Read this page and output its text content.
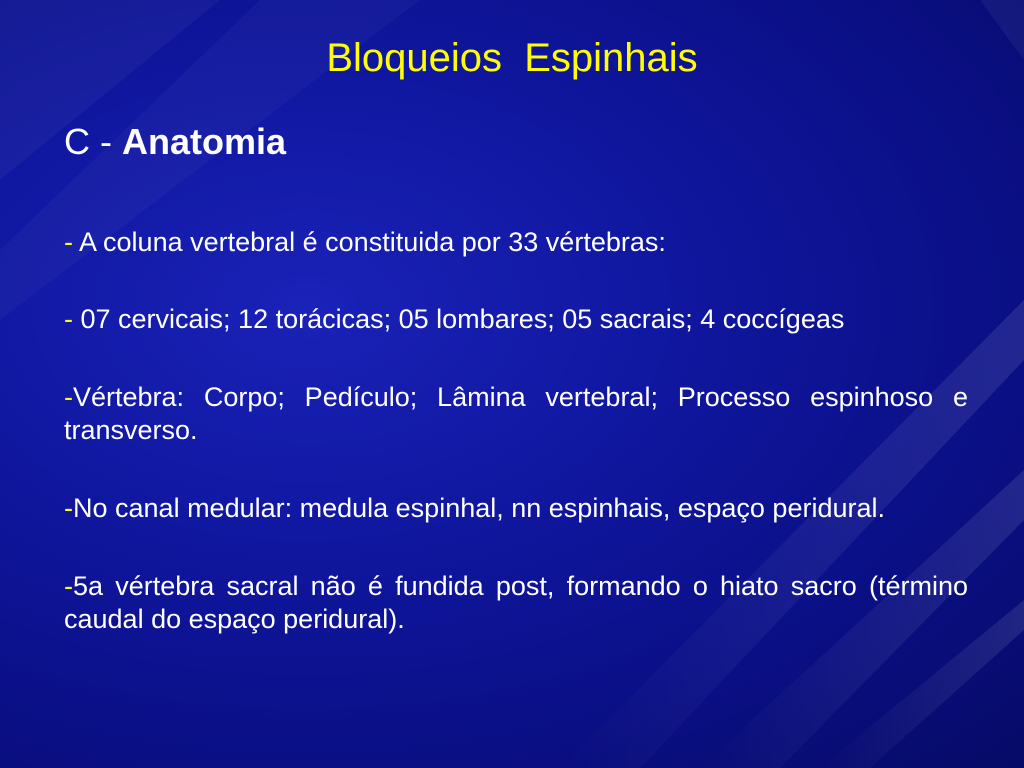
Bloqueios  Espinhais
C - Anatomia
- A coluna vertebral é constituida por 33 vértebras:
- 07 cervicais; 12 torácicas; 05 lombares; 05 sacrais; 4 coccígeas
-Vértebra: Corpo; Pedículo; Lâmina vertebral; Processo espinhoso e transverso.
-No canal medular: medula espinhal, nn espinhais, espaço peridural.
-5a vértebra sacral não é fundida post, formando o hiato sacro (término caudal do espaço peridural).
